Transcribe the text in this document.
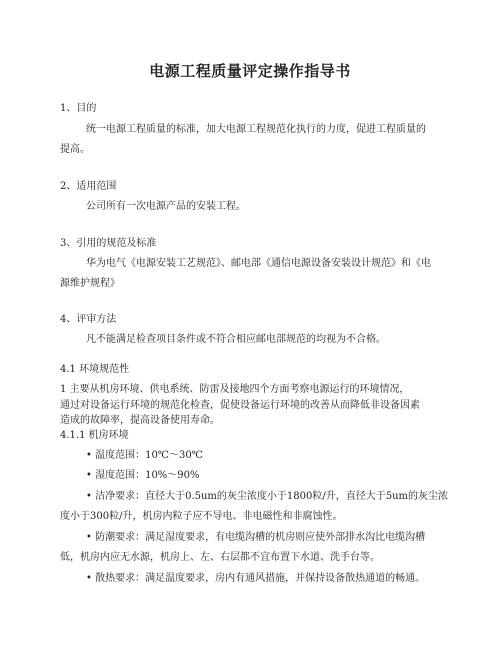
电源工程质量评定操作指导书
1、目的
统一电源工程质量的标准，加大电源工程规范化执行的力度，促进工程质量的
提高。
2、适用范围
公司所有一次电源产品的安装工程。
3、引用的规范及标准
华为电气《电源安装工艺规范》、邮电部《通信电源设备安装设计规范》和《电
源维护规程》
4、评审方法
凡不能满足检查项目条件或不符合相应邮电部规范的均视为不合格。
4.1 环境规范性
1 主要从机房环境、供电系统、防雷及接地四个方面考察电源运行的环境情况，
通过对设备运行环境的规范化检查，促使设备运行环境的改善从而降低非设备因素
造成的故障率，提高设备使用寿命。
4.1.1 机房环境
• 温度范围：10℃～30℃
• 湿度范围：10%～90%
• 洁净要求：直径大于0.5um的灰尘浓度小于1800粒/升，直径大于5um的灰尘浓
度小于300粒/升，机房内粒子应不导电、非电磁性和非腐蚀性。
• 防潮要求：满足湿度要求，有电缆沟槽的机房则应使外部排水沟比电缆沟槽
低，机房内应无水源，机房上、左、右层都不宜布置下水道、洗手台等。
• 散热要求：满足温度要求，房内有通风措施，并保持设备散热通道的畅通。
